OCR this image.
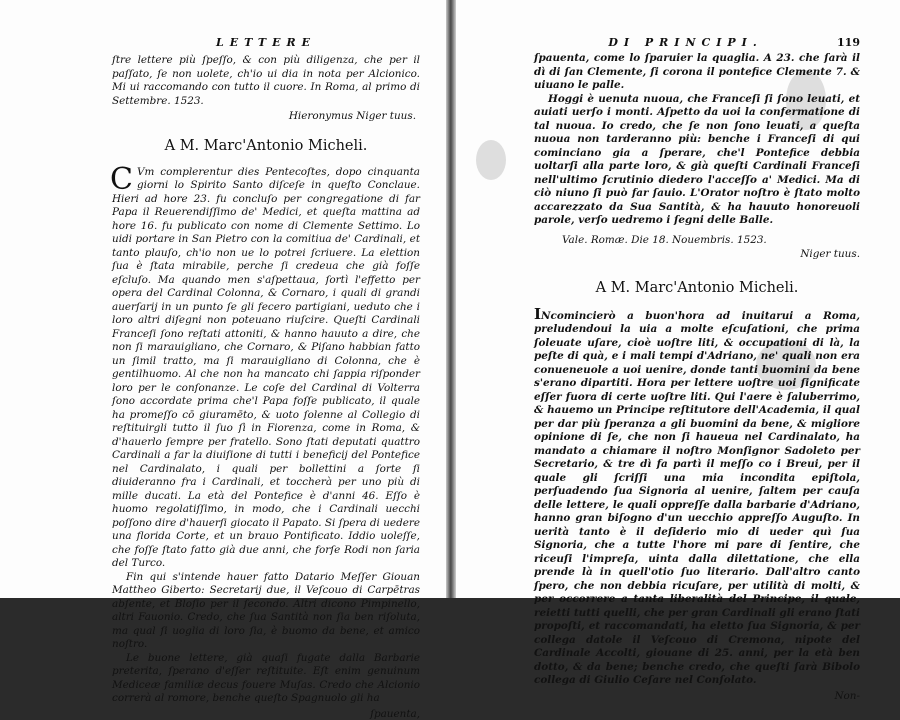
LETTERE

ſtre lettere più ſpeſſo, & con più diligenza, che per il paſſato, ſe non uolete, ch'io ui dia in nota per Alcionico. Mi ui raccomando con tutto il cuore. In Roma, al primo di Settembre. 1523.

Hieronymus Niger tuus.

A M. Marc'Antonio Micheli.

C Vm complerentur dies Pentecoſtes, dopo cinquanta giorni lo Spirito Santo diſceſe in queſto Conclaue. Hieri ad hore 23. fu concluſo per congregatione di far Papa il Reuerendiſſimo de' Medici, et queſta mattina ad hore 16. fu publicato con nome di Clemente Settimo. Lo uidi portare in San Pietro con la comitiua de' Cardinali, et tanto plauſo, ch'io non ue lo potrei ſcriuere. La elettion ſua è ſtata mirabile, perche ſi credeua che già foſſe eſcluſo. Ma quando men s'aſpettaua, ſortì l'effetto per opera del Cardinal Colonna, & Cornaro, i quali di grandi auerſarij in un punto ſe gli fecero partigiani, ueduto che i loro altri diſegni non poteuano riuſcire. Queſti Cardinali Franceſi ſono reſtati attoniti, & hanno hauuto a dire, che non ſi marauigliano, che Cornaro, & Piſano habbian fatto un ſimil tratto, ma ſi marauigliano di Colonna, che è gentilhuomo. Al che non ha mancato chi ſappia riſponder loro per le conſonanze. Le coſe del Cardinal di Volterra ſono accordate prima che'l Papa foſſe publicato, il quale ha promeſſo cō giuramēto, & uoto ſolenne al Collegio di reſtituirgli tutto il ſuo ſì in Fiorenza, come in Roma, & d'hauerlo ſempre per fratello. Sono ſtati deputati quattro Cardinali a far la diuiſione di tutti i beneficij del Pontefice nel Cardinalato, i quali per bollettini a ſorte ſi diuideranno fra i Cardinali, et toccherà per uno più di mille ducati. La età del Pontefice è d'anni 46. Eſſo è huomo regolatiſſimo, in modo, che i Cardinali uecchi poſſono dire d'hauerſi giocato il Papato. Si ſpera di uedere una florida Corte, et un brauo Pontificato. Iddio uoleſſe, che foſſe ſtato fatto già due anni, che forſe Rodi non ſaria del Turco.

Fin qui s'intende hauer fatto Datario Meſſer Giouan Mattheo Giberto: Secretarij due, il Veſcouo di Carpētras abſente, et Bloſio per il ſecondo. Altri dicono Pimpinello, altri Fauonio. Credo, che ſua Santità non ſia ben riſoluta, ma qual ſi uoglia di loro ſia, è buomo da bene, et amico noſtro.

Le buone lettere, già quaſi fugate dalla Barbarie preterita, ſperano d'eſſer reſtituite. Eſt enim genuinum Mediceæ familiæ decus fouere Muſas. Credo che Alcionio correrà al romore, benche queſto Spagnuolo gli ha

ſpauenta,
DI PRINCIPI.	119

ſpauenta, come lo ſparuier la quaglia. A 23. che ſarà il dì di ſan Clemente, ſi corona il pontefice Clemente 7. & uiuano le palle.

Hoggi è uenuta nuoua, che Franceſi ſi ſono leuati, et auiati uerſo i monti. Aſpetto da uoi la confermatione di tal nuoua. Io credo, che ſe non ſono leuati, a queſta nuoua non tarderanno più: benche i Franceſi di qui cominciano gia a ſperare, che'l Pontefice debbia uoltarſi alla parte loro, & già queſti Cardinali Franceſi nell'ultimo ſcrutinio diedero l'acceſſo a' Medici. Ma di ciò niuno ſi può far ſauio. L'Orator noſtro è ſtato molto accarezzato da Sua Santità, & ha hauuto honoreuoli parole, verſo uedremo i ſegni delle Balle.

Vale. Romæ. Die 18. Nouembris. 1523.
Niger tuus.
A M. Marc'Antonio Micheli.

INcomincierò a buon'hora ad inuitarui a Roma, preludendoui la uia a molte eſcuſationi, che prima ſoleuate uſare, cioè uoſtre liti, & occupationi di là, la peſte di quà, e i mali tempi d'Adriano, ne' quali non era conueneuole a uoi uenire, donde tanti buomini da bene s'erano dipartiti. Hora per lettere uoſtre uoi ſignificate eſſer fuora di certe uoſtre liti. Qui l'aere è ſaluberrimo, & hauemo un Principe reſtitutore dell'Academia, il qual per dar più ſperanza a gli buomini da bene, & migliore opinione di ſe, che non ſi haueua nel Cardinalato, ha mandato a chiamare il noſtro Monſignor Sadoleto per Secretario, & tre dì fa partì il meſſo co i Breui, per il quale gli ſcriſſi una mia incondita epiſtola, perſuadendo ſua Signoria al uenire, ſaltem per cauſa delle lettere, le quali oppreſſe dalla barbarie d'Adriano, hanno gran biſogno d'un uecchio appreſſo Auguſto. In uerità tanto è il deſiderio mio di ueder quì ſua Signoria, che a tutte l'hore mi pare di ſentire, che riceuſi l'impreſa, uinta dalla dilettatione, che ella prende là in quell'otio ſuo literario. Dall'altro canto ſpero, che non debbia ricuſare, per utilità di molti, & per occorrere a tanta liberalità del Principe, il quale, reietti tutti quelli, che per gran Cardinali gli erano ſtati propoſti, et raccomandati, ha eletto ſua Signoria, & per collega datole il Veſcouo di Cremona, nipote del Cardinale Accolti, giouane di 25. anni, per la età ben dotto, & da bene; benche credo, che queſti ſarà Bibolo collega di Giulio Ceſare nel Conſolato.

Non-
